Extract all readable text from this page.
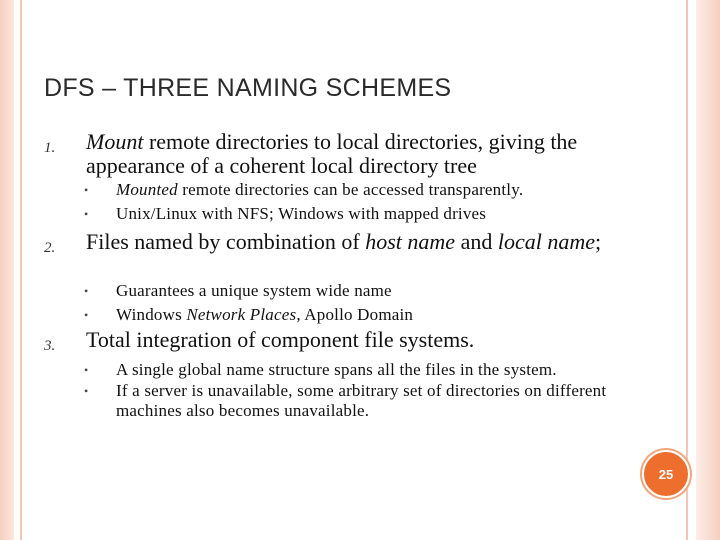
DFS – THREE NAMING SCHEMES
1. Mount remote directories to local directories, giving the appearance of a coherent local directory tree
• Mounted remote directories can be accessed transparently.
• Unix/Linux with NFS; Windows with mapped drives
2. Files named by combination of host name and local name;
• Guarantees a unique system wide name
• Windows Network Places, Apollo Domain
3. Total integration of component file systems.
• A single global name structure spans all the files in the system.
• If a server is unavailable, some arbitrary set of directories on different machines also becomes unavailable.
25
